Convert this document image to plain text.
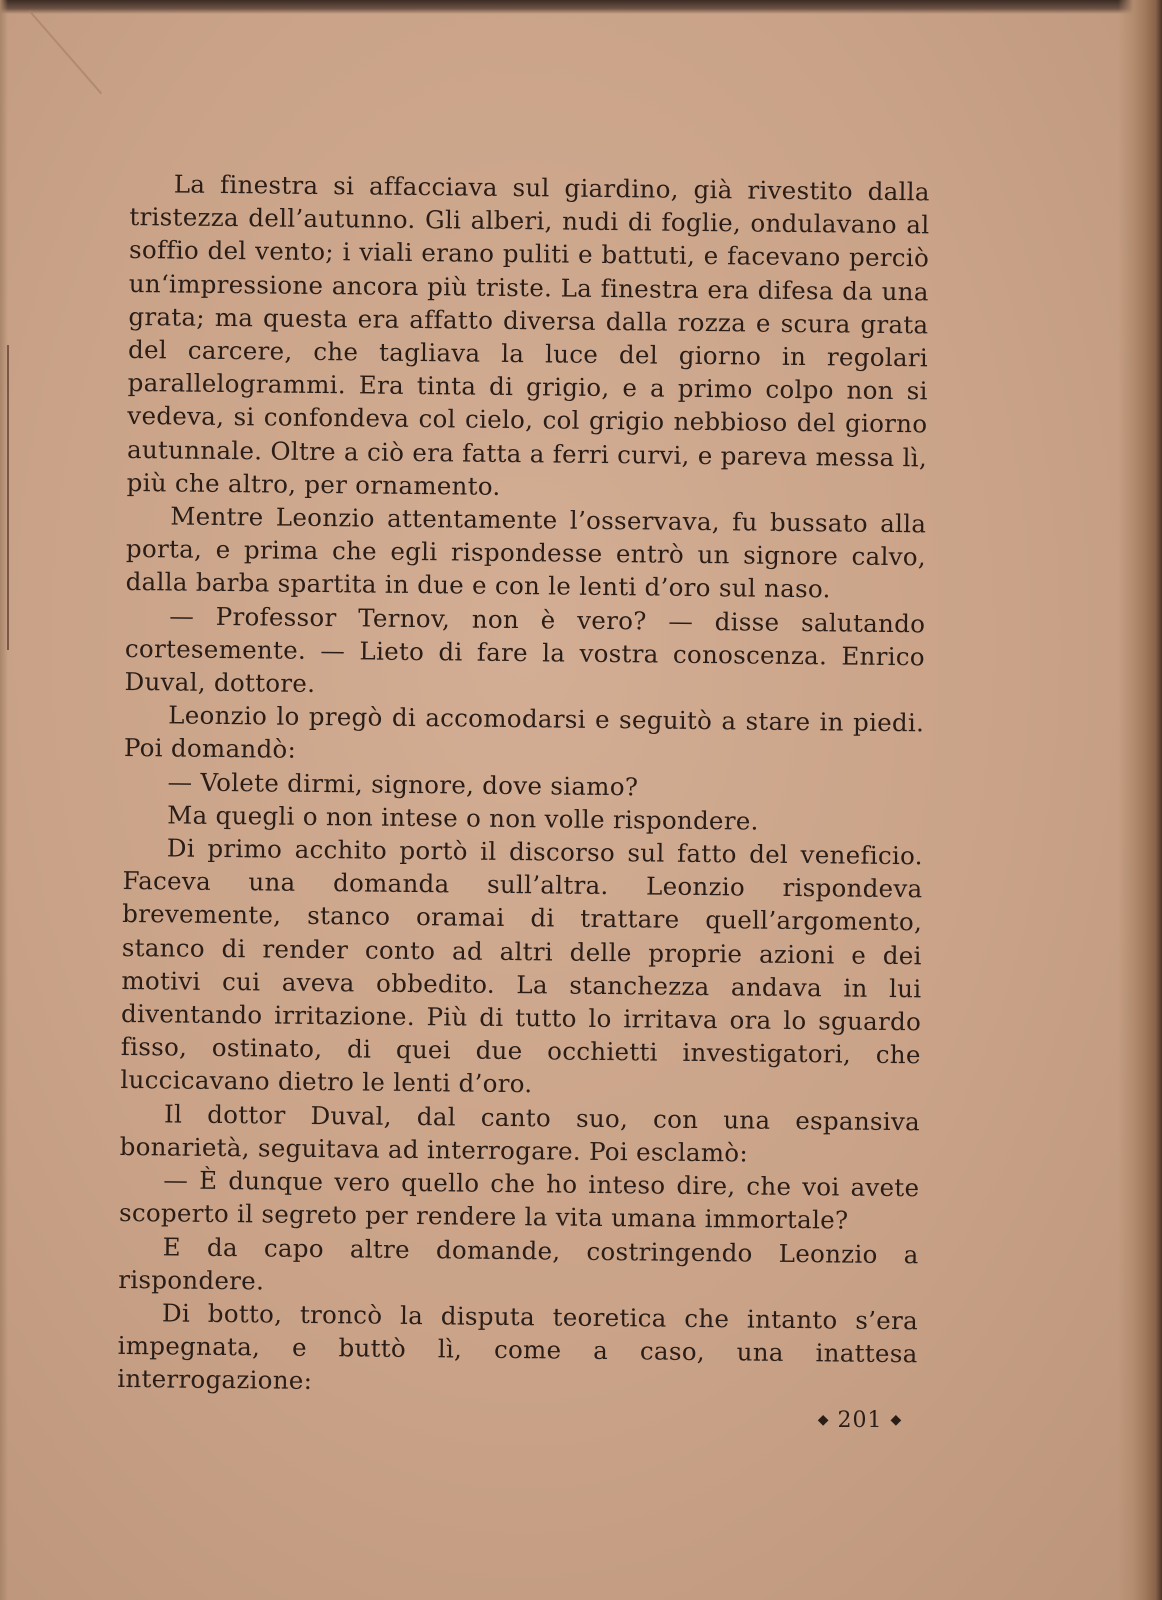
La finestra si affacciava sul giardino, già rivestito dalla tristezza dell’autunno. Gli alberi, nudi di foglie, ondulavano al soffio del vento; i viali erano puliti e battuti, e facevano perciò un‘impressione ancora più triste. La finestra era difesa da una grata; ma questa era affatto diversa dalla rozza e scura grata del carcere, che tagliava la luce del giorno in regolari parallelogrammi. Era tinta di grigio, e a primo colpo non si vedeva, si confondeva col cielo, col grigio nebbioso del giorno autunnale. Oltre a ciò era fatta a ferri curvi, e pareva messa lì, più che altro, per ornamento.

Mentre Leonzio attentamente l’osservava, fu bussato alla porta, e prima che egli rispondesse entrò un signore calvo, dalla barba spartita in due e con le lenti d’oro sul naso.

— Professor Ternov, non è vero? — disse salutando cortesemente. — Lieto di fare la vostra conoscenza. Enrico Duval, dottore.

Leonzio lo pregò di accomodarsi e seguitò a stare in piedi. Poi domandò:

— Volete dirmi, signore, dove siamo?

Ma quegli o non intese o non volle rispondere.

Di primo acchito portò il discorso sul fatto del veneficio. Faceva una domanda sull’altra. Leonzio rispondeva brevemente, stanco oramai di trattare quell’argomento, stanco di render conto ad altri delle proprie azioni e dei motivi cui aveva obbedito. La stanchezza andava in lui diventando irritazione. Più di tutto lo irritava ora lo sguardo fisso, ostinato, di quei due occhietti investigatori, che luccicavano dietro le lenti d’oro.

Il dottor Duval, dal canto suo, con una espansiva bonarietà, seguitava ad interrogare. Poi esclamò:

— È dunque vero quello che ho inteso dire, che voi avete scoperto il segreto per rendere la vita umana immortale?

E da capo altre domande, costringendo Leonzio a rispondere.

Di botto, troncò la disputa teoretica che intanto s’era impegnata, e buttò lì, come a caso, una inattesa interrogazione:

◆ 201 ◆
